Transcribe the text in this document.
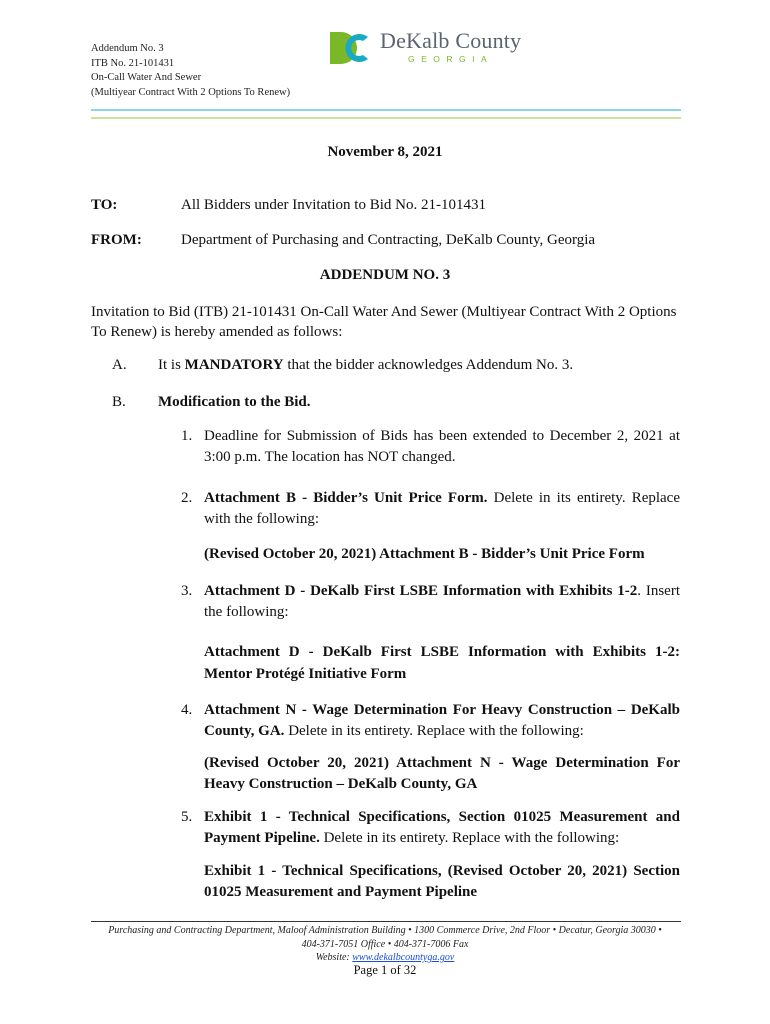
Addendum No. 3
ITB No. 21-101431
On-Call Water And Sewer
(Multiyear Contract With 2 Options To Renew)
DeKalb County
GEORGIA
November 8, 2021
TO:	All Bidders under Invitation to Bid No. 21-101431
FROM:	Department of Purchasing and Contracting, DeKalb County, Georgia
ADDENDUM NO. 3
Invitation to Bid (ITB) 21-101431 On-Call Water And Sewer (Multiyear Contract With 2 Options To Renew) is hereby amended as follows:
A. It is MANDATORY that the bidder acknowledges Addendum No. 3.
B. Modification to the Bid.
1. Deadline for Submission of Bids has been extended to December 2, 2021 at 3:00 p.m. The location has NOT changed.
2. Attachment B - Bidder’s Unit Price Form. Delete in its entirety. Replace with the following:
(Revised October 20, 2021) Attachment B - Bidder’s Unit Price Form
3. Attachment D - DeKalb First LSBE Information with Exhibits 1-2. Insert the following:
Attachment D - DeKalb First LSBE Information with Exhibits 1-2: Mentor Protégé Initiative Form
4. Attachment N - Wage Determination For Heavy Construction – DeKalb County, GA. Delete in its entirety. Replace with the following:
(Revised October 20, 2021) Attachment N - Wage Determination For Heavy Construction – DeKalb County, GA
5. Exhibit 1 - Technical Specifications, Section 01025 Measurement and Payment Pipeline. Delete in its entirety. Replace with the following:
Exhibit 1 - Technical Specifications, (Revised October 20, 2021) Section 01025 Measurement and Payment Pipeline
Purchasing and Contracting Department, Maloof Administration Building • 1300 Commerce Drive, 2nd Floor • Decatur, Georgia 30030 •
404-371-7051 Office • 404-371-7006 Fax
Website: www.dekalbcountyga.gov
Page 1 of 32
